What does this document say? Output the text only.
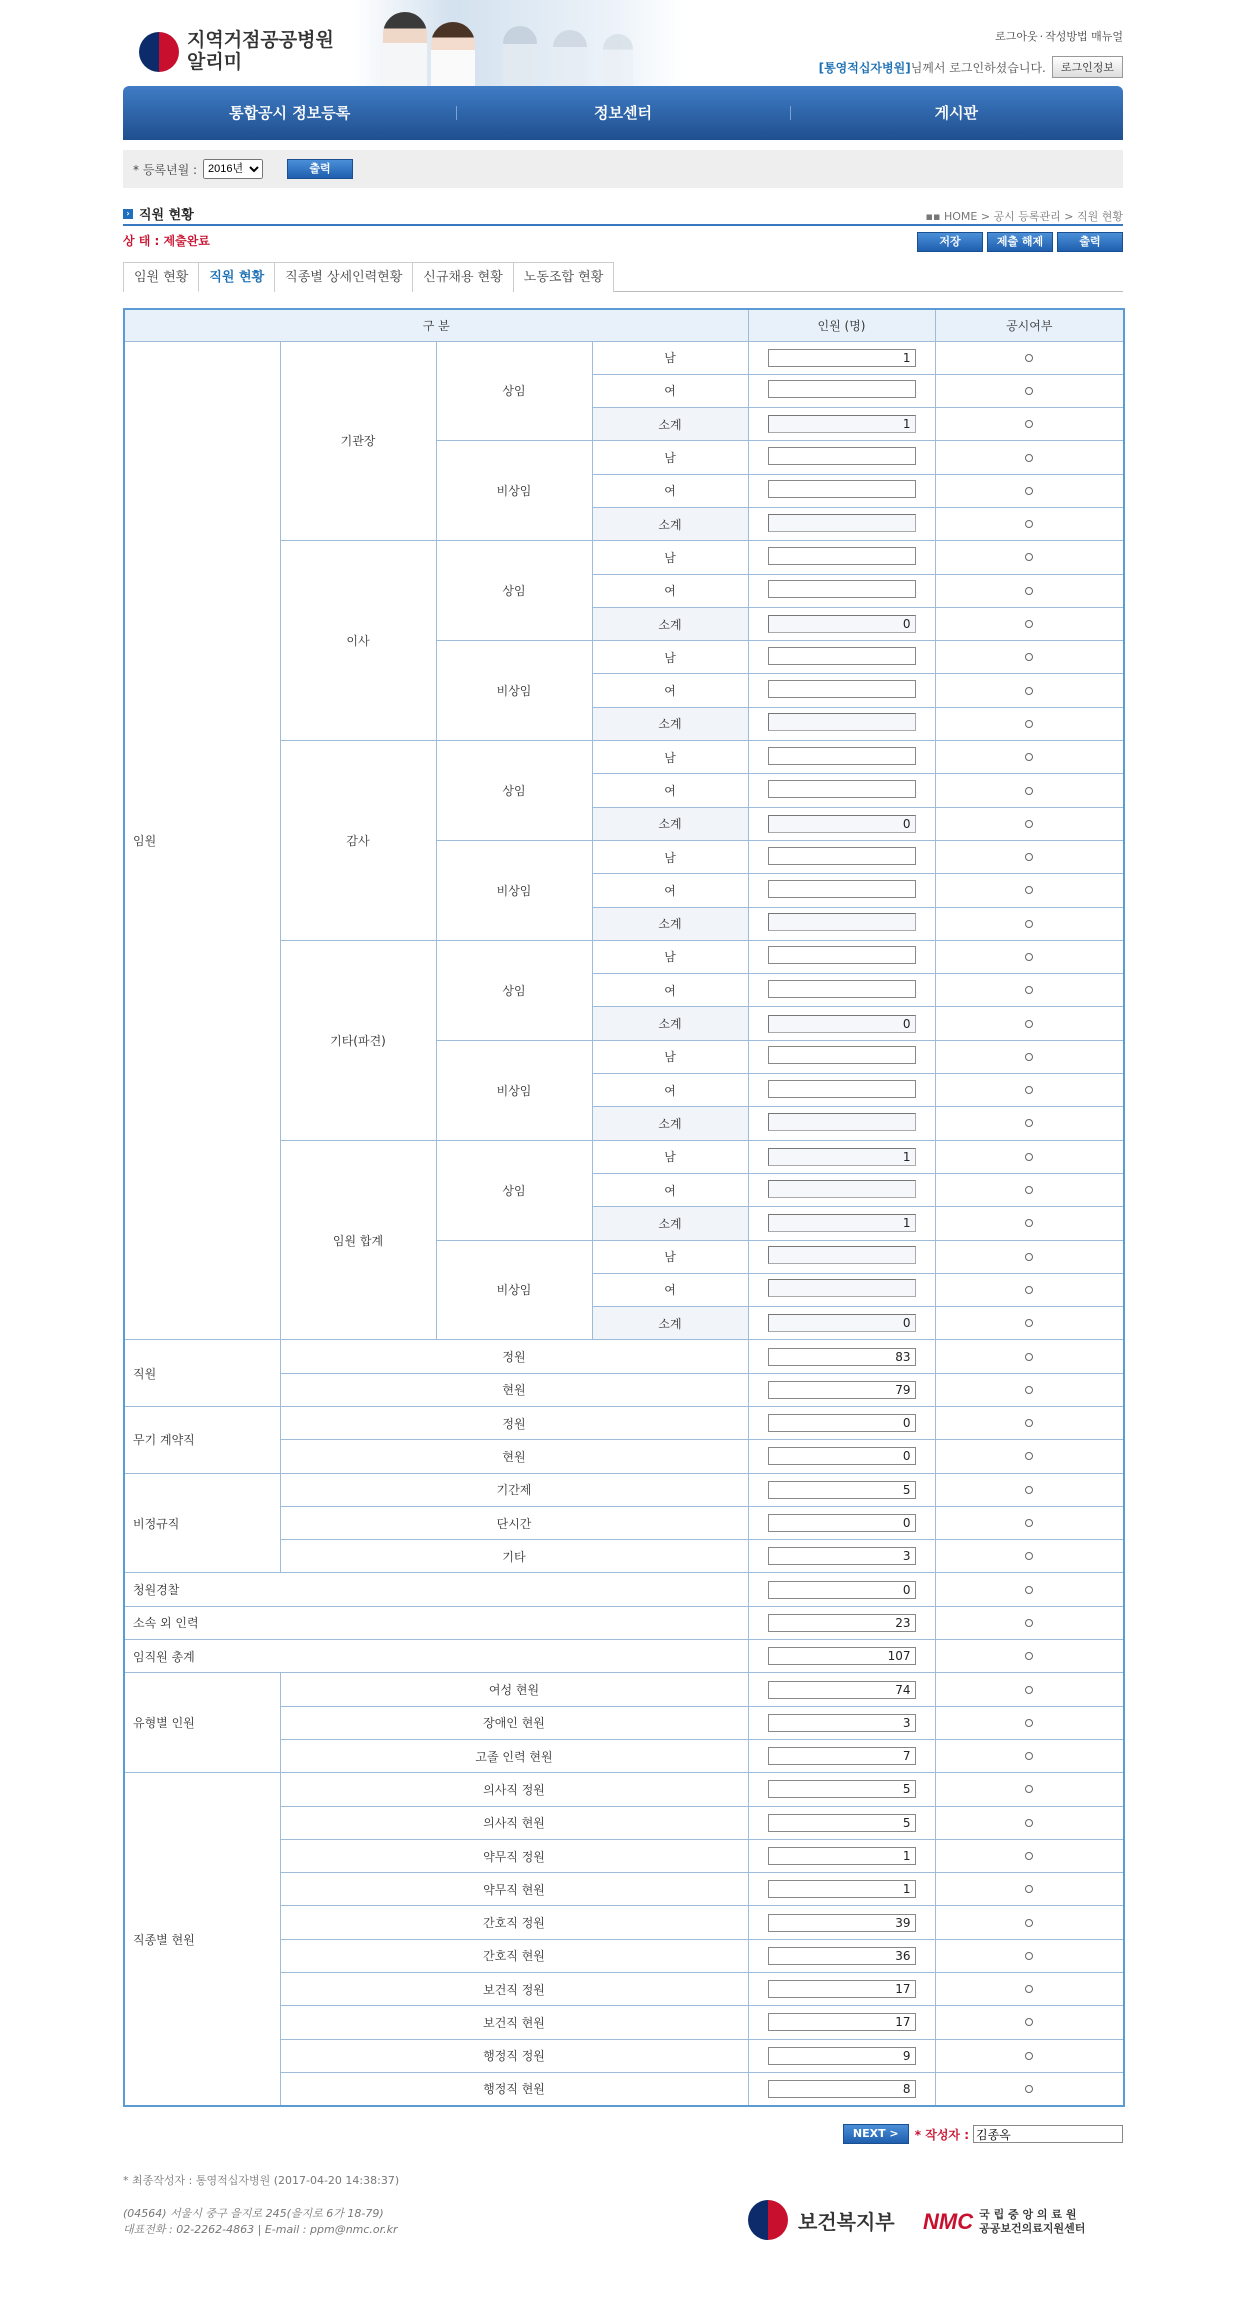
지역거점공공병원
알리미
로그아웃 · 작성방법 매뉴얼
[통영적십자병원] 님께서 로그인하셨습니다.	로그인정보
통합공시 정보등록	정보센터	게시판
* 등록년월 :
2016년	출력
› 직원 현황	▪▪ HOME > 공시 등록관리 > 직원 현황
상 태 : 제출완료	저장	제출 해제	출력
임원 현황	직원 현황	직종별 상세인력현황	신규채용 현황	노동조합 현황
구 분				인원 (명)	공시여부
임원	기관장	상임	남	1	
			여		
			소계	1	
		비상임	남		
			여		
			소계		
	이사	상임	남		
			여		
			소계	0	
		비상임	남		
			여		
			소계		
	감사	상임	남		
			여		
			소계	0	
		비상임	남		
			여		
			소계		
	기타(파견)	상임	남		
			여		
			소계	0	
		비상임	남		
			여		
			소계		
	임원 합계	상임	남	1	
			여		
			소계	1	
		비상임	남		
			여		
			소계	0	
직원	정원			83	
	현원			79	
무기 계약직	정원			0	
	현원			0	
비정규직	기간제			5	
	단시간			0	
	기타			3	
청원경찰				0	
소속 외 인력				23	
임직원 총계				107	
유형별 인원	여성 현원			74	
	장애인 현원			3	
	고졸 인력 현원			7	
직종별 현원	의사직 정원			5	
	의사직 현원			5	
	약무직 정원			1	
	약무직 현원			1	
	간호직 정원			39	
	간호직 현원			36	
	보건직 정원			17	
	보건직 현원			17	
	행정직 정원			9	
	행정직 현원			8	
NEXT >	* 작성자 :
김종옥
* 최종작성자 : 통영적십자병원 (2017-04-20 14:38:37)
(04564) 서울시 중구 을지로 245(을지로 6가 18-79)
대표전화 : 02-2262-4863 | E-mail : ppm@nmc.or.kr	보건복지부 NMC 국 립 중 앙 의 료 원
공공보건의료지원센터
